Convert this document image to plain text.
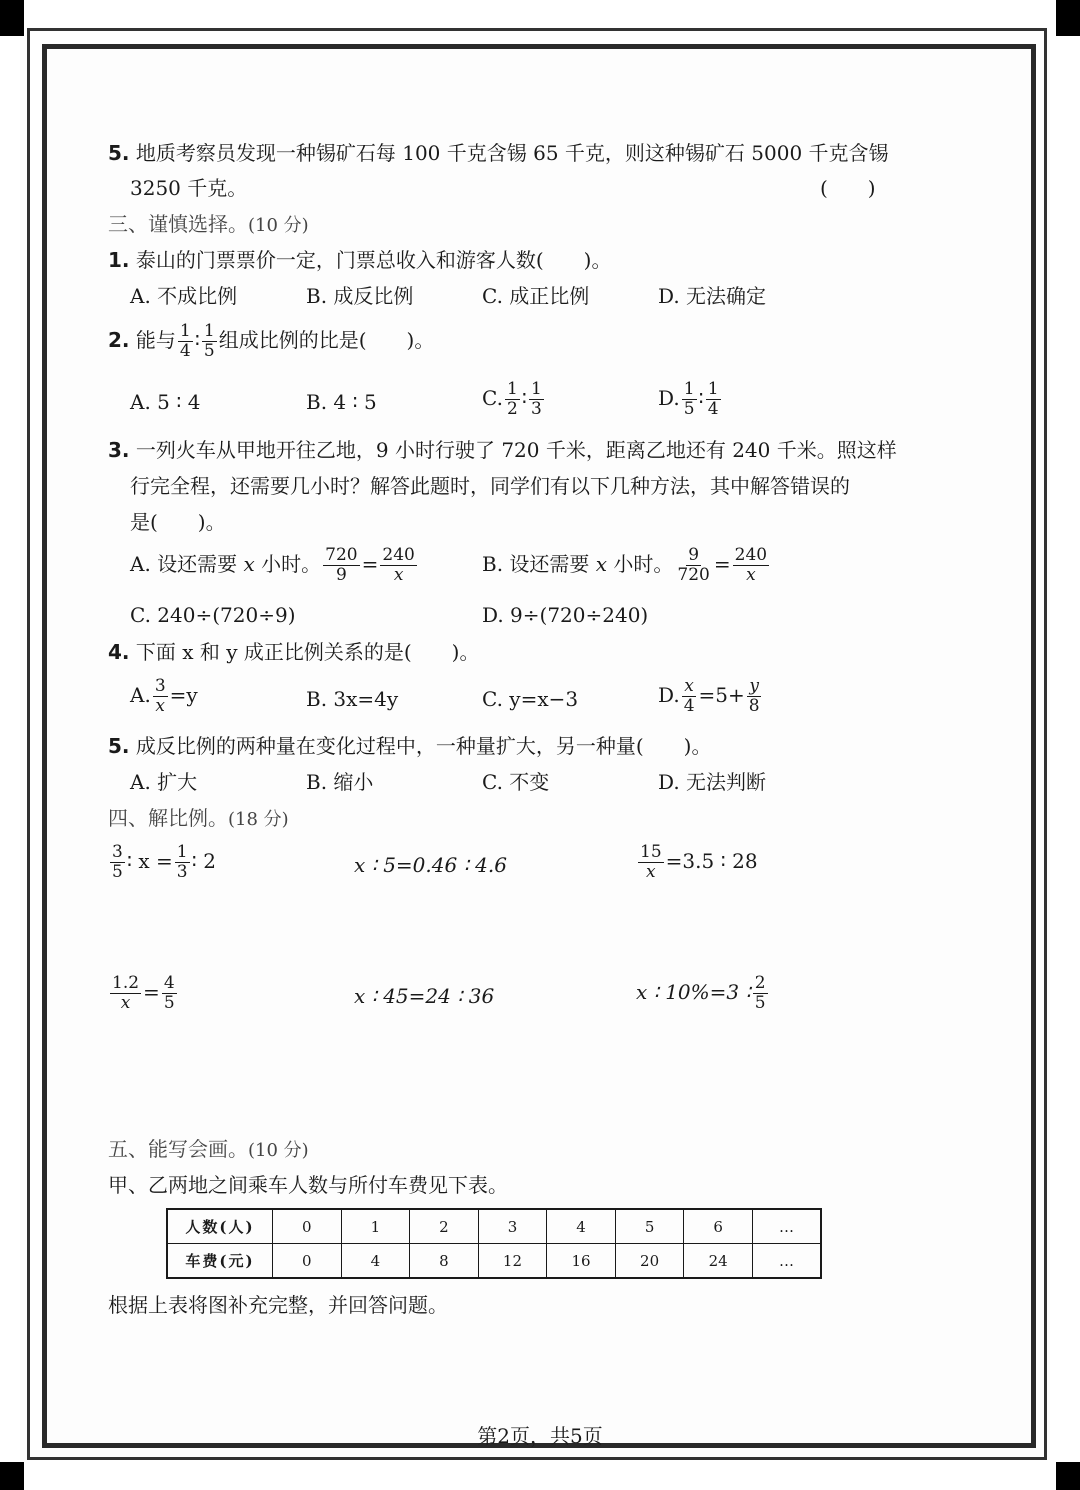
5. 地质考察员发现一种锡矿石每 100 千克含锡 65 千克，则这种锡矿石 5000 千克含锡
3250 千克。	(　　)
三、谨慎选择。(10 分)
1. 泰山的门票票价一定，门票总收入和游客人数(　　)。
A. 不成比例	B. 成反比例	C. 成正比例	D. 无法确定
2. 能与 $\frac{1}{4}$ ∶ $\frac{1}{5}$ 组成比例的比是(　　)。
A. 5 ∶ 4	B. 4 ∶ 5	C. $\frac{1}{2}$ ∶ $\frac{1}{3}$	D. $\frac{1}{5}$ ∶ $\frac{1}{4}$
3. 一列火车从甲地开往乙地，9 小时行驶了 720 千米，距离乙地还有 240 千米。照这样
行完全程，还需要几小时？解答此题时，同学们有以下几种方法，其中解答错误的
是(　　)。
A. 设还需要 x 小时。 $\frac{720}{9} = \frac{240}{x}$	B. 设还需要 x 小时。 $\frac{9}{720} = \frac{240}{x}$
C. 240÷(720÷9)	D. 9÷(720÷240)
4. 下面 x 和 y 成正比例关系的是(　　)。
A. $\frac{3}{x} =y$	B. 3x=4y	C. y=x−3	D. $\frac{x}{4} =5+ \frac{y}{8}$
5. 成反比例的两种量在变化过程中，一种量扩大，另一种量(　　)。
A. 扩大	B. 缩小	C. 不变	D. 无法判断
四、解比例。(18 分)
$\frac{3}{5}$ ∶ $x = \frac{1}{3}$ ∶ 2	x ∶ 5=0.46 ∶ 4.6	$\frac{15}{x} =3.5$ ∶ 28
$\frac{1.2}{x} = \frac{4}{5}$	x ∶ 45=24 ∶ 36	x ∶ 10%=3 ∶ $\frac{2}{5}$
五、能写会画。(10 分)
甲、乙两地之间乘车人数与所付车费见下表。
人数(人)	0	1	2	3	4	5	6	…
车费(元)	0	4	8	12	16	20	24	…
根据上表将图补充完整，并回答问题。
第2页，共5页
